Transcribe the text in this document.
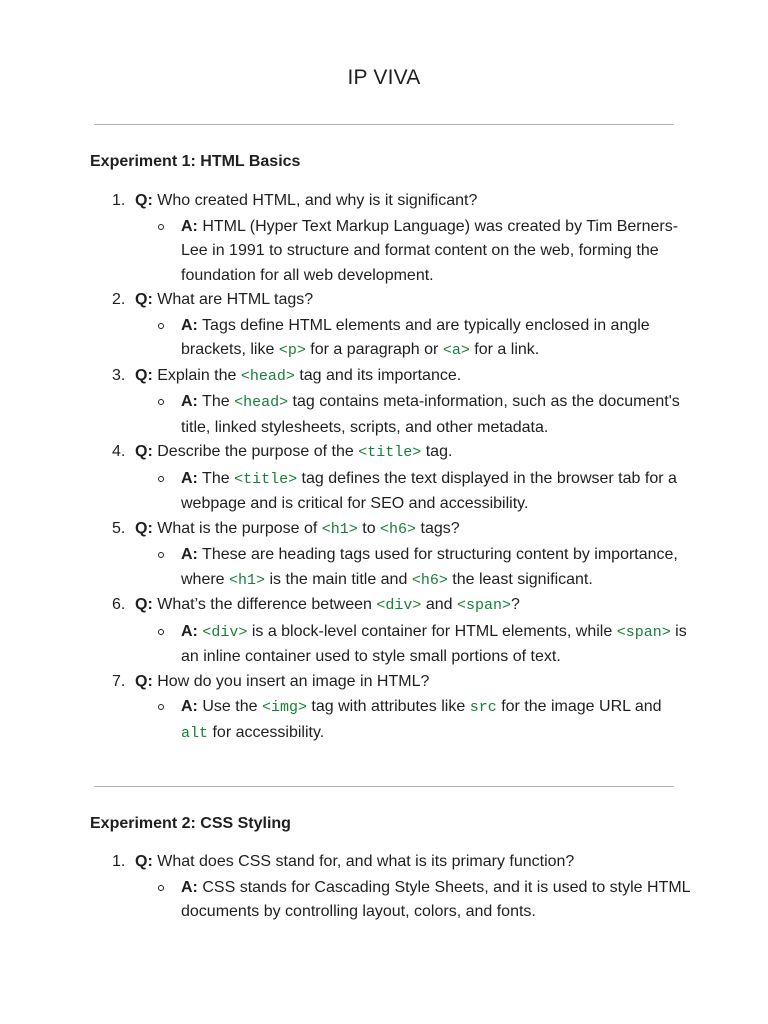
IP VIVA
Experiment 1: HTML Basics
1. Q: Who created HTML, and why is it significant?
A: HTML (Hyper Text Markup Language) was created by Tim Berners-Lee in 1991 to structure and format content on the web, forming the foundation for all web development.
2. Q: What are HTML tags?
A: Tags define HTML elements and are typically enclosed in angle brackets, like <p> for a paragraph or <a> for a link.
3. Q: Explain the <head> tag and its importance.
A: The <head> tag contains meta-information, such as the document's title, linked stylesheets, scripts, and other metadata.
4. Q: Describe the purpose of the <title> tag.
A: The <title> tag defines the text displayed in the browser tab for a webpage and is critical for SEO and accessibility.
5. Q: What is the purpose of <h1> to <h6> tags?
A: These are heading tags used for structuring content by importance, where <h1> is the main title and <h6> the least significant.
6. Q: What’s the difference between <div> and <span>?
A: <div> is a block-level container for HTML elements, while <span> is an inline container used to style small portions of text.
7. Q: How do you insert an image in HTML?
A: Use the <img> tag with attributes like src for the image URL and alt for accessibility.
Experiment 2: CSS Styling
1. Q: What does CSS stand for, and what is its primary function?
A: CSS stands for Cascading Style Sheets, and it is used to style HTML documents by controlling layout, colors, and fonts.
